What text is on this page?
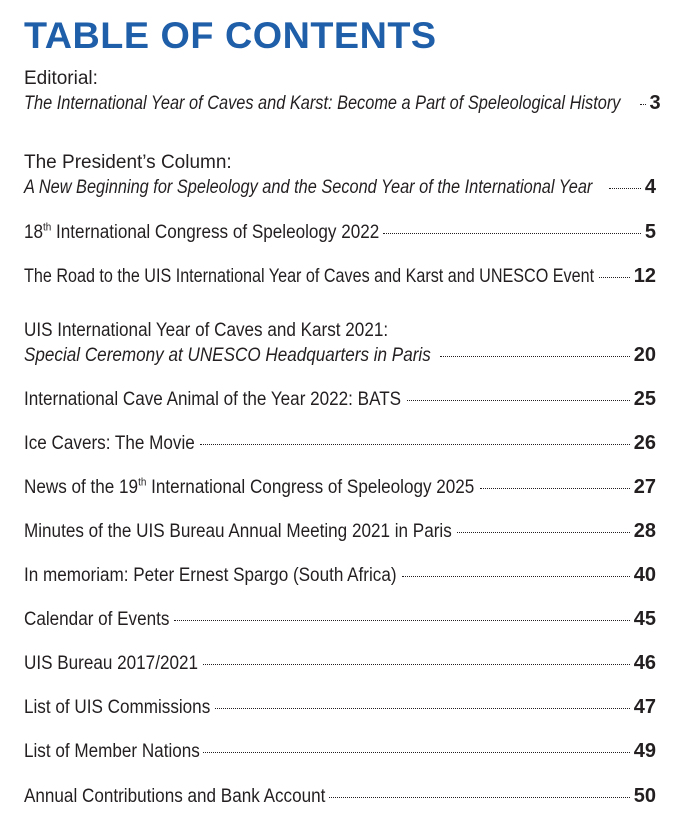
TABLE OF CONTENTS
Editorial:
The International Year of Caves and Karst: Become a Part of Speleological History	3
The President’s Column:
A New Beginning for Speleology and the Second Year of the International Year	4
18th International Congress of Speleology 2022	5
The Road to the UIS International Year of Caves and Karst and UNESCO Event	12
UIS International Year of Caves and Karst 2021:
Special Ceremony at UNESCO Headquarters in Paris	20
International Cave Animal of the Year 2022: BATS	25
Ice Cavers: The Movie	26
News of the 19th International Congress of Speleology 2025	27
Minutes of the UIS Bureau Annual Meeting 2021 in Paris	28
In memoriam: Peter Ernest Spargo (South Africa)	40
Calendar of Events	45
UIS Bureau 2017/2021	46
List of UIS Commissions	47
List of Member Nations	49
Annual Contributions and Bank Account	50
